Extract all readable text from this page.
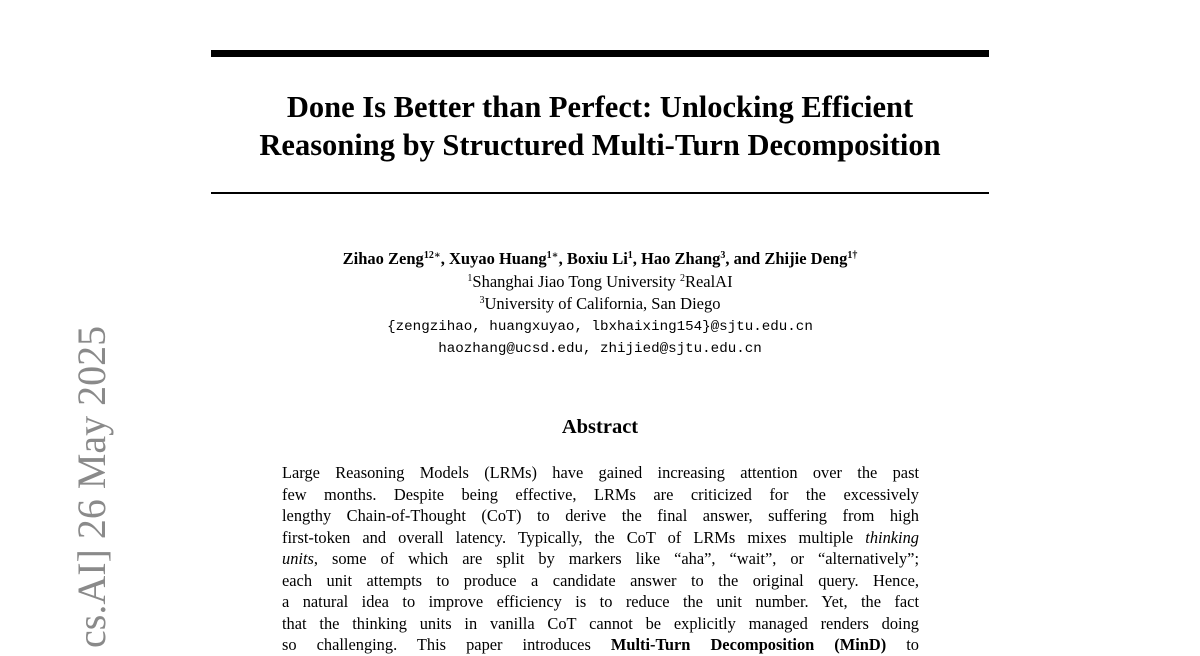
cs.AI] 26 May 2025
Done Is Better than Perfect: Unlocking Efficient
Reasoning by Structured Multi-Turn Decomposition
Zihao Zeng$^{12∗}$, Xuyao Huang$^{1∗}$, Boxiu Li$^1$, Hao Zhang$^3$, and Zhijie Deng$^{1\dagger}$
$^1$Shanghai Jiao Tong University $^2$RealAI
$^3$University of California, San Diego
{zengzihao, huangxuyao, lbxhaixing154}@sjtu.edu.cn
haozhang@ucsd.edu, zhijied@sjtu.edu.cn
Abstract
Large Reasoning Models (LRMs) have gained increasing attention over the past
few months. Despite being effective, LRMs are criticized for the excessively
lengthy Chain-of-Thought (CoT) to derive the final answer, suffering from high
first-token and overall latency. Typically, the CoT of LRMs mixes multiple thinking
units, some of which are split by markers like “aha”, “wait”, or “alternatively”;
each unit attempts to produce a candidate answer to the original query. Hence,
a natural idea to improve efficiency is to reduce the unit number. Yet, the fact
that the thinking units in vanilla CoT cannot be explicitly managed renders doing
so challenging. This paper introduces Multi-Turn Decomposition (MinD) to
